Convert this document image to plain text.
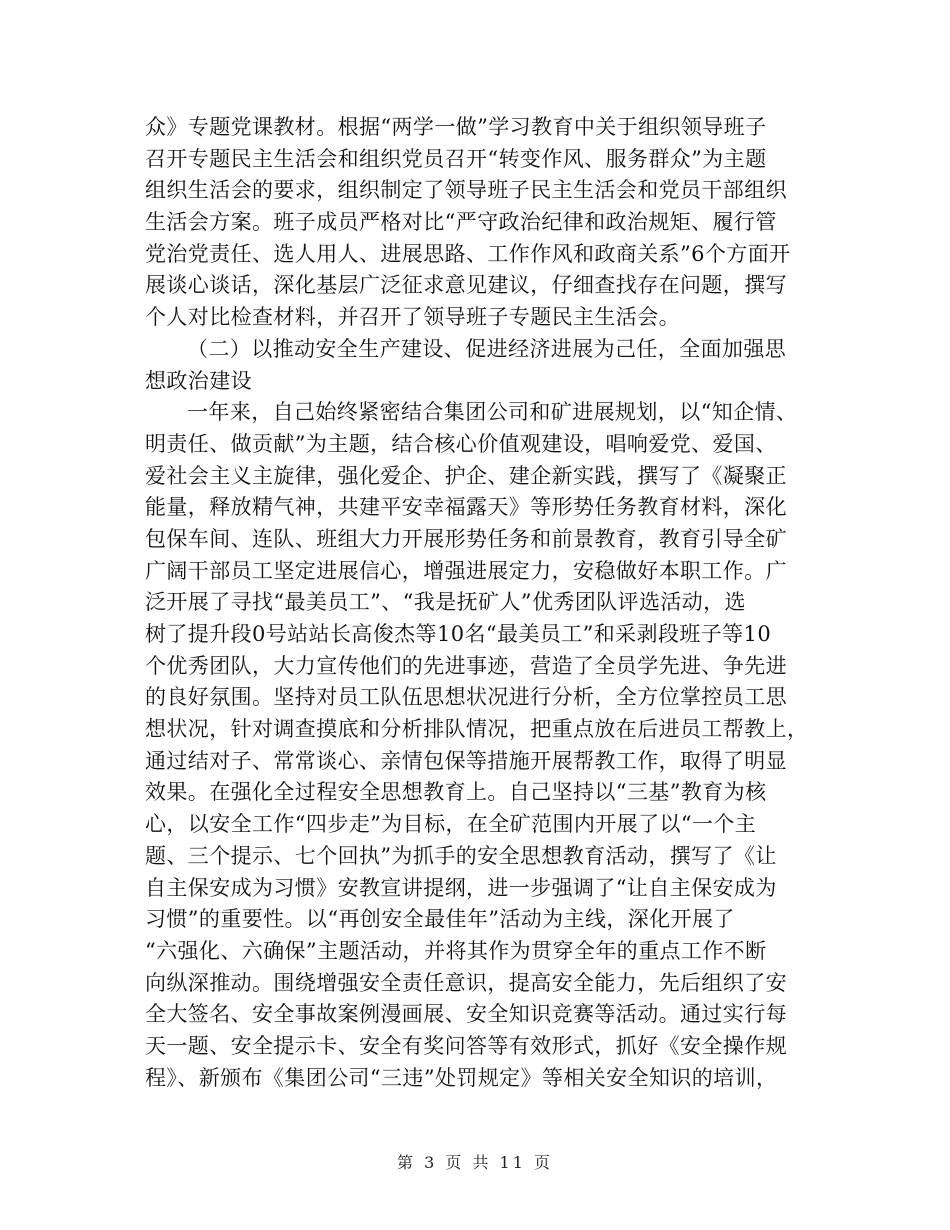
众》专题党课教材。根据“两学一做”学习教育中关于组织领导班子
召开专题民主生活会和组织党员召开“转变作风、服务群众”为主题
组织生活会的要求，组织制定了领导班子民主生活会和党员干部组织
生活会方案。班子成员严格对比“严守政治纪律和政治规矩、履行管
党治党责任、选人用人、进展思路、工作作风和政商关系”6个方面开
展谈心谈话，深化基层广泛征求意见建议，仔细查找存在问题，撰写
个人对比检查材料，并召开了领导班子专题民主生活会。
（二）以推动安全生产建设、促进经济进展为己任，全面加强思
想政治建设
一年来，自己始终紧密结合集团公司和矿进展规划，以“知企情、
明责任、做贡献”为主题，结合核心价值观建设，唱响爱党、爱国、
爱社会主义主旋律，强化爱企、护企、建企新实践，撰写了《凝聚正
能量，释放精气神，共建平安幸福露天》等形势任务教育材料，深化
包保车间、连队、班组大力开展形势任务和前景教育，教育引导全矿
广阔干部员工坚定进展信心，增强进展定力，安稳做好本职工作。广
泛开展了寻找“最美员工”、“我是抚矿人”优秀团队评选活动，选
树了提升段0号站站长高俊杰等10名“最美员工”和采剥段班子等10
个优秀团队，大力宣传他们的先进事迹，营造了全员学先进、争先进
的良好氛围。坚持对员工队伍思想状况进行分析，全方位掌控员工思
想状况，针对调查摸底和分析排队情况，把重点放在后进员工帮教上，
通过结对子、常常谈心、亲情包保等措施开展帮教工作，取得了明显
效果。在强化全过程安全思想教育上。自己坚持以“三基”教育为核
心，以安全工作“四步走”为目标，在全矿范围内开展了以“一个主
题、三个提示、七个回执”为抓手的安全思想教育活动，撰写了《让
自主保安成为习惯》安教宣讲提纲，进一步强调了“让自主保安成为
习惯”的重要性。以“再创安全最佳年”活动为主线，深化开展了
“六强化、六确保”主题活动，并将其作为贯穿全年的重点工作不断
向纵深推动。围绕增强安全责任意识，提高安全能力，先后组织了安
全大签名、安全事故案例漫画展、安全知识竞赛等活动。通过实行每
天一题、安全提示卡、安全有奖问答等有效形式，抓好《安全操作规
程》、新颁布《集团公司“三违”处罚规定》等相关安全知识的培训，
第 3 页 共 11 页
